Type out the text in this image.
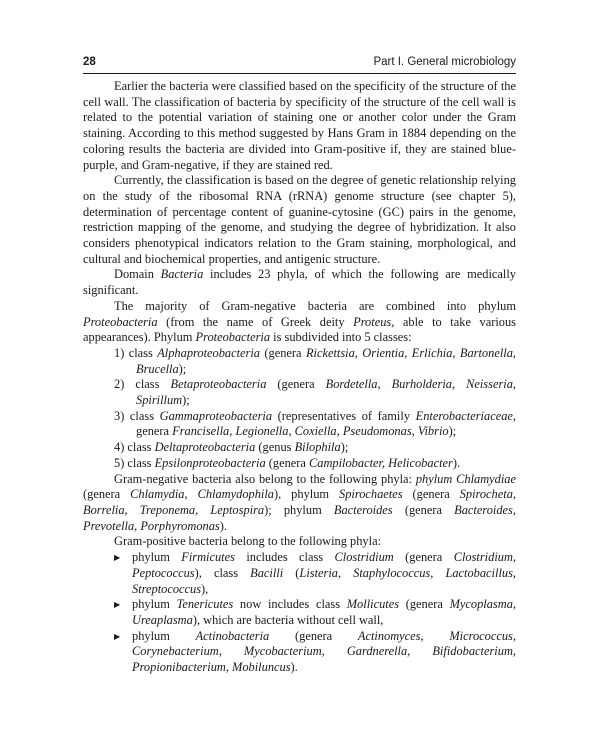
28	Part I. General microbiology

Earlier the bacteria were classified based on the specificity of the structure of the cell wall. The classification of bacteria by specificity of the structure of the cell wall is related to the potential variation of staining one or another color under the Gram staining. According to this method suggested by Hans Gram in 1884 depending on the coloring results the bacteria are divided into Gram-positive if, they are stained blue-purple, and Gram-negative, if they are stained red.

Currently, the classification is based on the degree of genetic relationship relying on the study of the ribosomal RNA (rRNA) genome structure (see chapter 5), determination of percentage content of guanine-cytosine (GC) pairs in the genome, restriction mapping of the genome, and studying the degree of hybridization. It also considers phenotypical indicators relation to the Gram staining, morphological, and cultural and biochemical properties, and antigenic structure.

Domain Bacteria includes 23 phyla, of which the following are medically significant.

The majority of Gram-negative bacteria are combined into phylum Proteobacteria (from the name of Greek deity Proteus, able to take various appearances). Phylum Proteobacteria is subdivided into 5 classes:

1) class Alphaproteobacteria (genera Rickettsia, Orientia, Erlichia, Bartonella, Brucella);
2) class Betaproteobacteria (genera Bordetella, Burholderia, Neisseria, Spirillum);
3) class Gammaproteobacteria (representatives of family Enterobacteriaceae, genera Francisella, Legionella, Coxiella, Pseudomonas, Vibrio);
4) class Deltaproteobacteria (genus Bilophila);
5) class Epsilonproteobacteria (genera Campilobacter, Helicobacter).

Gram-negative bacteria also belong to the following phyla: phylum Chlamydiae (genera Chlamydia, Chlamydophila), phylum Spirochaetes (genera Spirocheta, Borrelia, Treponema, Leptospira); phylum Bacteroides (genera Bacteroides, Prevotella, Porphyromonas).

Gram-positive bacteria belong to the following phyla:

▶ phylum Firmicutes includes class Clostridium (genera Clostridium, Peptococcus), class Bacilli (Listeria, Staphylococcus, Lactobacillus, Streptococcus),
▶ phylum Tenericutes now includes class Mollicutes (genera Mycoplasma, Ureaplasma), which are bacteria without cell wall,
▶ phylum Actinobacteria (genera Actinomyces, Micrococcus, Corynebacterium, Mycobacterium, Gardnerella, Bifidobacterium, Propionibacterium, Mobiluncus).
